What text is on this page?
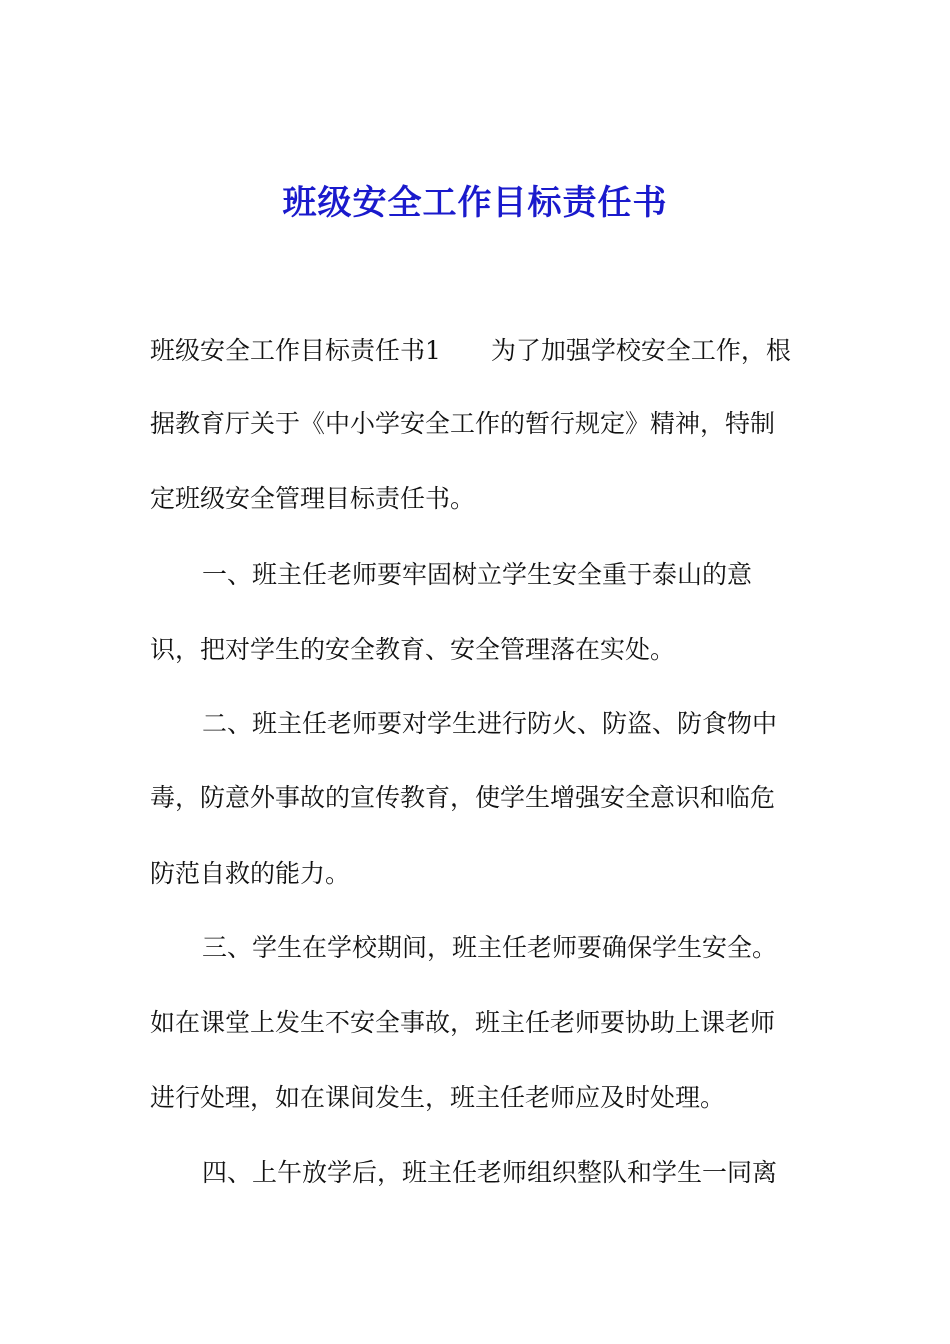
班级安全工作目标责任书

班级安全工作目标责任书1　　为了加强学校安全工作，根

据教育厅关于《中小学安全工作的暂行规定》精神，特制

定班级安全管理目标责任书。

一、班主任老师要牢固树立学生安全重于泰山的意

识，把对学生的安全教育、安全管理落在实处。

二、班主任老师要对学生进行防火、防盗、防食物中

毒，防意外事故的宣传教育，使学生增强安全意识和临危

防范自救的能力。

三、学生在学校期间，班主任老师要确保学生安全。

如在课堂上发生不安全事故，班主任老师要协助上课老师

进行处理，如在课间发生，班主任老师应及时处理。

四、上午放学后，班主任老师组织整队和学生一同离
